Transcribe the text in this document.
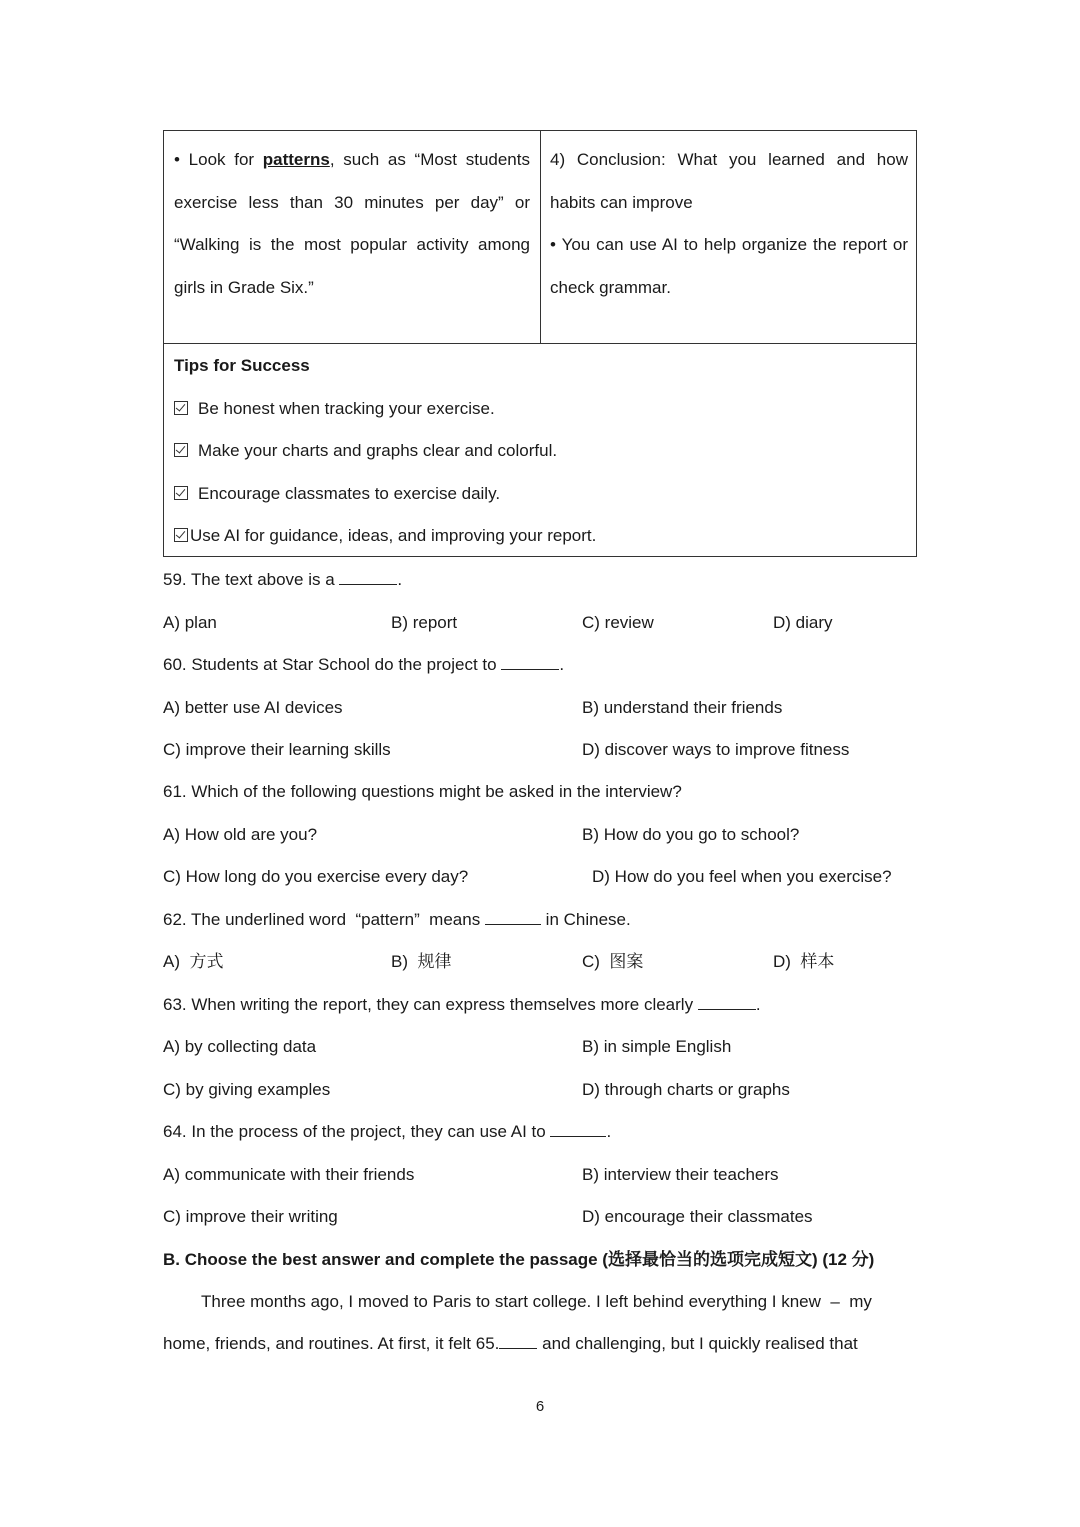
• Look for patterns, such as “Most students exercise less than 30 minutes per day” or “Walking is the most popular activity among girls in Grade Six.”
4) Conclusion: What you learned and how habits can improve
• You can use AI to help organize the report or check grammar.
Tips for Success
Be honest when tracking your exercise.
Make your charts and graphs clear and colorful.
Encourage classmates to exercise daily.
Use AI for guidance, ideas, and improving your report.
59. The text above is a	.
A) plan	B) report	C) review	D) diary
60. Students at Star School do the project to	.
A) better use AI devices	B) understand their friends
C) improve their learning skills	D) discover ways to improve fitness
61. Which of the following questions might be asked in the interview?
A) How old are you?	B) How do you go to school?
C) How long do you exercise every day?	D) How do you feel when you exercise?
62. The underlined word  “pattern”  means	in Chinese.
A)  方式	B)  规律	C)  图案	D)  样本
63. When writing the report, they can express themselves more clearly	.
A) by collecting data	B) in simple English
C) by giving examples	D) through charts or graphs
64. In the process of the project, they can use AI to	.
A) communicate with their friends	B) interview their teachers
C) improve their writing	D) encourage their classmates
B. Choose the best answer and complete the passage (选择最恰当的选项完成短文) (12 分)
Three months ago, I moved to Paris to start college. I left behind everything I knew  –  my
home, friends, and routines. At first, it felt 65.	and challenging, but I quickly realised that
6
